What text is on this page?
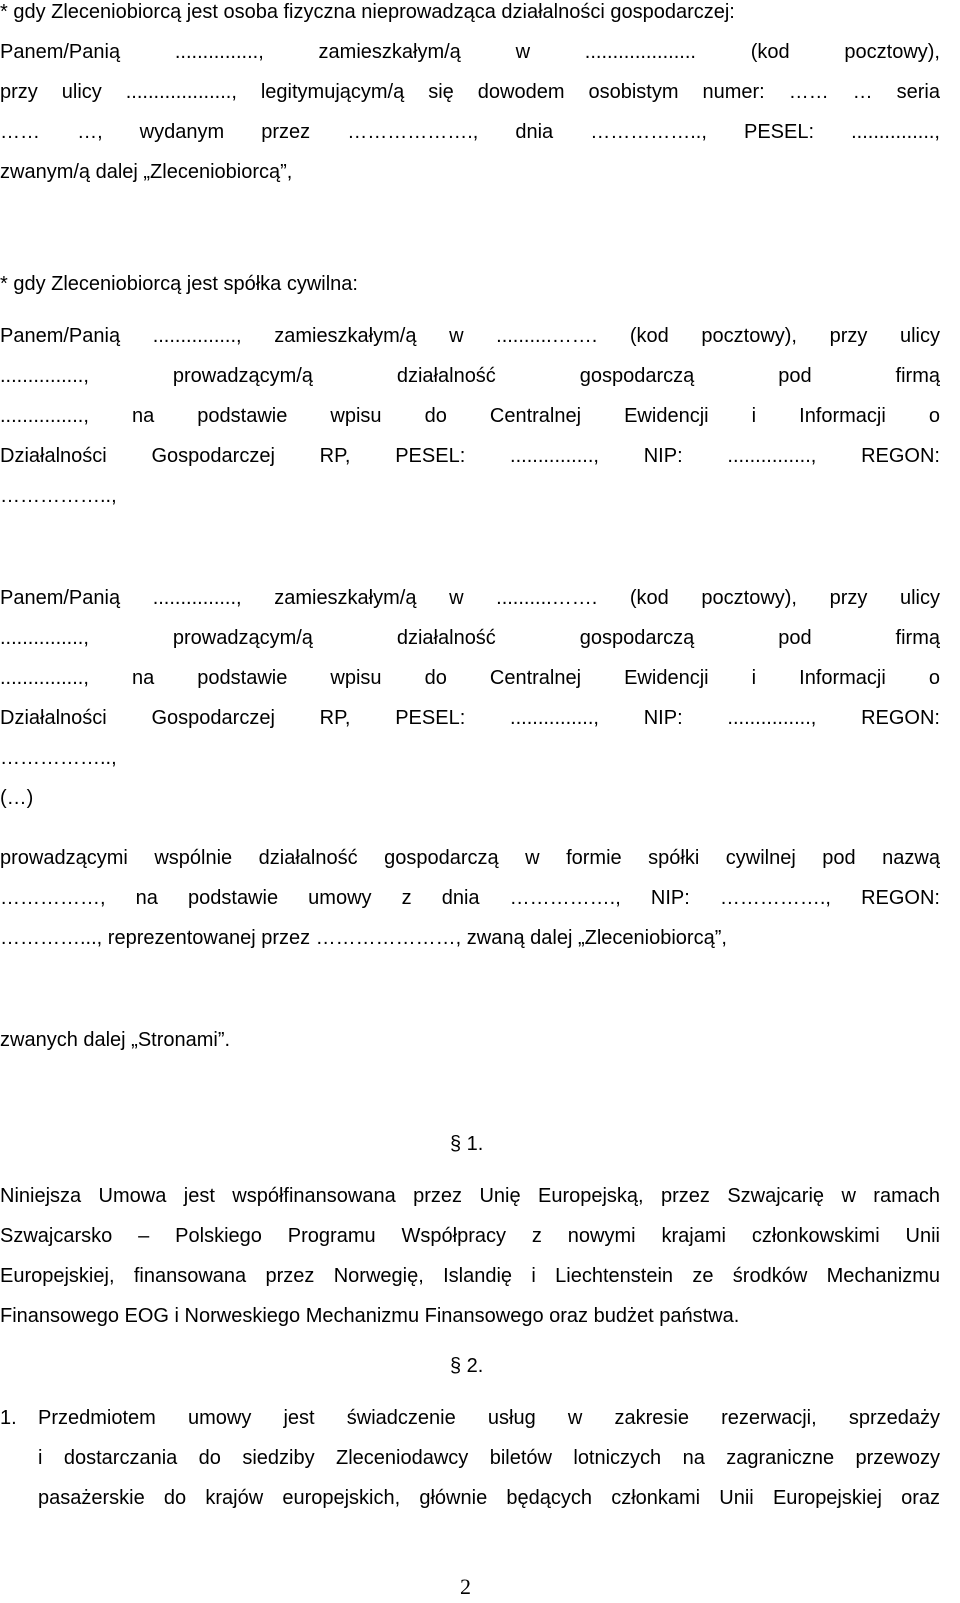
* gdy Zleceniobiorcą jest osoba fizyczna nieprowadząca działalności gospodarczej:
Panem/Panią ..............., zamieszkałym/ą w .................... (kod pocztowy),
przy ulicy ..................., legitymującym/ą się dowodem osobistym numer: …… … seria
…… …, wydanym przez ………………., dnia …………….., PESEL: ...............,
zwanym/ą dalej „Zleceniobiorcą”,
* gdy Zleceniobiorcą jest spółka cywilna:
Panem/Panią ..............., zamieszkałym/ą w ..........……. (kod pocztowy), przy ulicy
..............., prowadzącym/ą działalność gospodarczą pod firmą
..............., na podstawie wpisu do Centralnej Ewidencji i Informacji o
Działalności Gospodarczej RP, PESEL: ..............., NIP: ..............., REGON:
……………..,
Panem/Panią ..............., zamieszkałym/ą w ..........……. (kod pocztowy), przy ulicy
..............., prowadzącym/ą działalność gospodarczą pod firmą
..............., na podstawie wpisu do Centralnej Ewidencji i Informacji o
Działalności Gospodarczej RP, PESEL: ..............., NIP: ..............., REGON:
……………..,
(…)
prowadzącymi wspólnie działalność gospodarczą w formie spółki cywilnej pod nazwą
……………, na podstawie umowy z dnia ……………., NIP: ……………., REGON:
…………..., reprezentowanej przez …………………, zwaną dalej „Zleceniobiorcą”,
zwanych dalej „Stronami”.
§ 1.
Niniejsza Umowa jest współfinansowana przez Unię Europejską, przez Szwajcarię w ramach
Szwajcarsko – Polskiego Programu Współpracy z nowymi krajami członkowskimi Unii
Europejskiej, finansowana przez Norwegię, Islandię i Liechtenstein ze środków Mechanizmu
Finansowego EOG i Norweskiego Mechanizmu Finansowego oraz budżet państwa.
§ 2.
1. Przedmiotem umowy jest świadczenie usług w zakresie rezerwacji, sprzedaży
i dostarczania do siedziby Zleceniodawcy biletów lotniczych na zagraniczne przewozy
pasażerskie do krajów europejskich, głównie będących członkami Unii Europejskiej oraz
2
